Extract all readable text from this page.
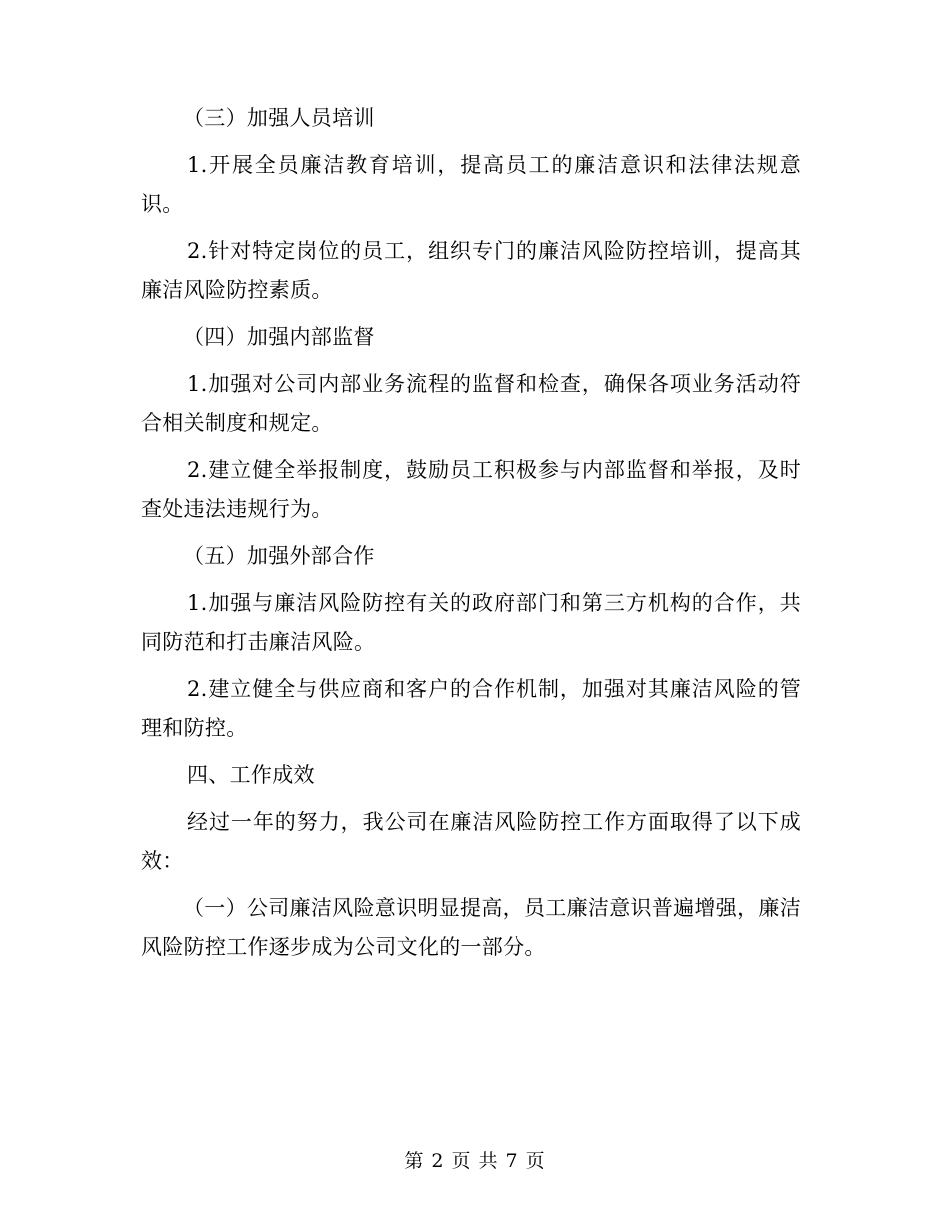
（三）加强人员培训

1.开展全员廉洁教育培训，提高员工的廉洁意识和法律法规意识。

2.针对特定岗位的员工，组织专门的廉洁风险防控培训，提高其廉洁风险防控素质。

（四）加强内部监督

1.加强对公司内部业务流程的监督和检查，确保各项业务活动符合相关制度和规定。

2.建立健全举报制度，鼓励员工积极参与内部监督和举报，及时查处违法违规行为。

（五）加强外部合作

1.加强与廉洁风险防控有关的政府部门和第三方机构的合作，共同防范和打击廉洁风险。

2.建立健全与供应商和客户的合作机制，加强对其廉洁风险的管理和防控。

四、工作成效

经过一年的努力，我公司在廉洁风险防控工作方面取得了以下成效：

（一）公司廉洁风险意识明显提高，员工廉洁意识普遍增强，廉洁风险防控工作逐步成为公司文化的一部分。

第 2 页 共 7 页
